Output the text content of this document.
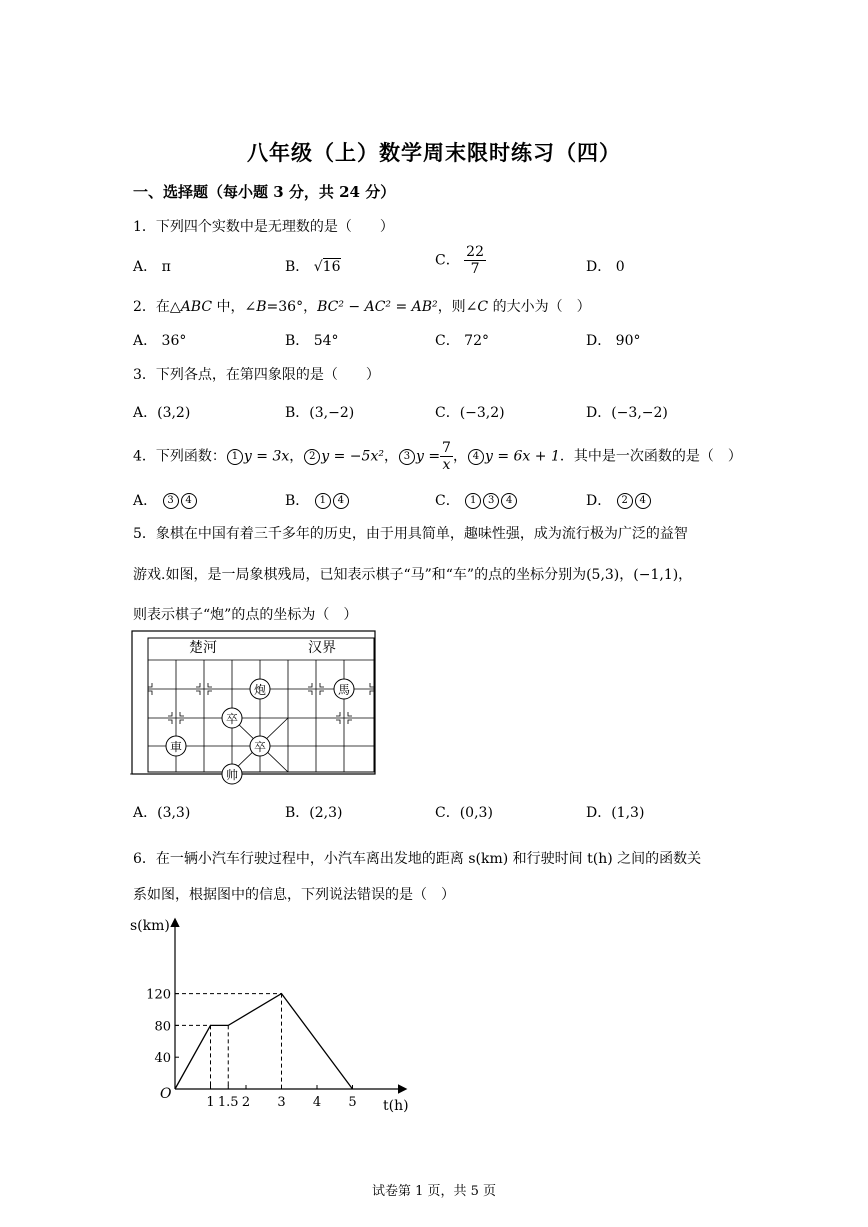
八年级（上）数学周末限时练习（四）
一、选择题（每小题 3 分，共 24 分）
1．下列四个实数中是无理数的是（　　）
A． π	B． √16	C． $\frac{22}{7}$	D． 0
2．在△ABC 中，∠B=36°，BC² − AC² = AB²，则∠C 的大小为（　）
A． 36°	B． 54°	C． 72°	D． 90°
3．下列各点，在第四象限的是（　　）
A．(3,2)	B．(3,−2)	C．(−3,2)	D．(−3,−2)
4．下列函数： 1 y = 3x， 2 y = −5x²， 3 $y = \frac{7}{x}$ ， 4 y = 6x + 1．其中是一次函数的是（　）
A． 3 4	B． 1 4	C． 1 3 4	D． 2 4
5．象棋在中国有着三千多年的历史，由于用具简单，趣味性强，成为流行极为广泛的益智
游戏.如图，是一局象棋残局，已知表示棋子“马”和“车”的点的坐标分别为(5,3)，(−1,1)，
则表示棋子“炮”的点的坐标为（　）
楚河	汉界
炮	馬
卒
卒
車
帅
A．(3,3)	B．(2,3)	C．(0,3)	D．(1,3)
6．在一辆小汽车行驶过程中，小汽车离出发地的距离 s(km) 和行驶时间 t(h) 之间的函数关
系如图，根据图中的信息，下列说法错误的是（　）
s(km)
t(h)
O
1 1.5 2 3 4 5
40
80
120
试卷第 1 页，共 5 页
